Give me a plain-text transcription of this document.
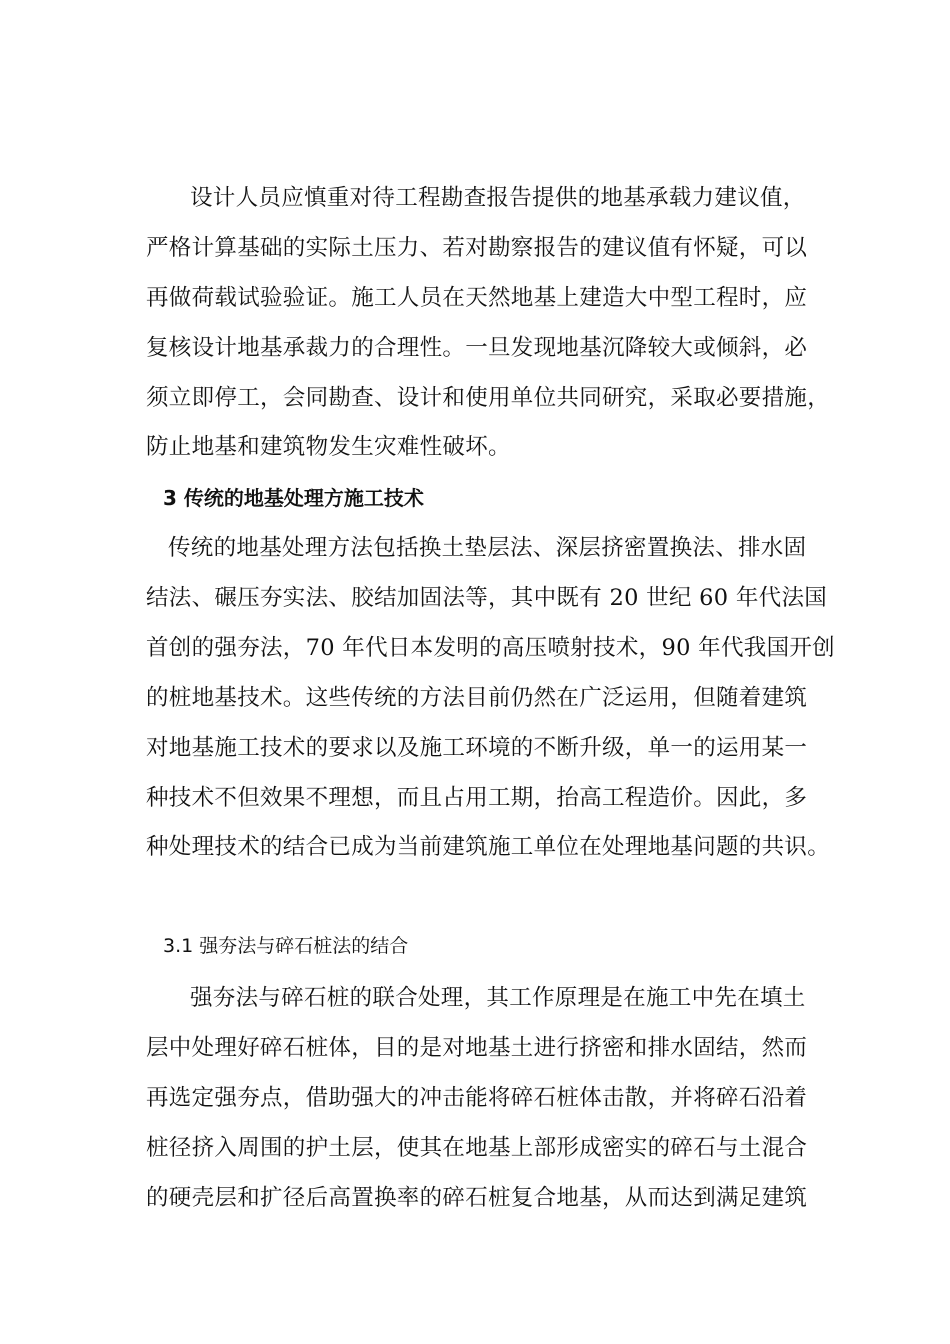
设计人员应慎重对待工程勘查报告提供的地基承载力建议值，
严格计算基础的实际土压力、若对勘察报告的建议值有怀疑，可以
再做荷载试验验证。施工人员在天然地基上建造大中型工程时，应
复核设计地基承裁力的合理性。一旦发现地基沉降较大或倾斜，必
须立即停工，会同勘查、设计和使用单位共同研究，采取必要措施，
防止地基和建筑物发生灾难性破坏。
3 传统的地基处理方施工技术
传统的地基处理方法包括换土垫层法、深层挤密置换法、排水固
结法、碾压夯实法、胶结加固法等，其中既有 20 世纪 60 年代法国
首创的强夯法，70 年代日本发明的高压喷射技术，90 年代我国开创
的桩地基技术。这些传统的方法目前仍然在广泛运用，但随着建筑
对地基施工技术的要求以及施工环境的不断升级，单一的运用某一
种技术不但效果不理想，而且占用工期，抬高工程造价。因此，多
种处理技术的结合已成为当前建筑施工单位在处理地基问题的共识。
3.1 强夯法与碎石桩法的结合
强夯法与碎石桩的联合处理，其工作原理是在施工中先在填土
层中处理好碎石桩体，目的是对地基土进行挤密和排水固结，然而
再选定强夯点，借助强大的冲击能将碎石桩体击散，并将碎石沿着
桩径挤入周围的护土层，使其在地基上部形成密实的碎石与土混合
的硬壳层和扩径后高置换率的碎石桩复合地基，从而达到满足建筑
